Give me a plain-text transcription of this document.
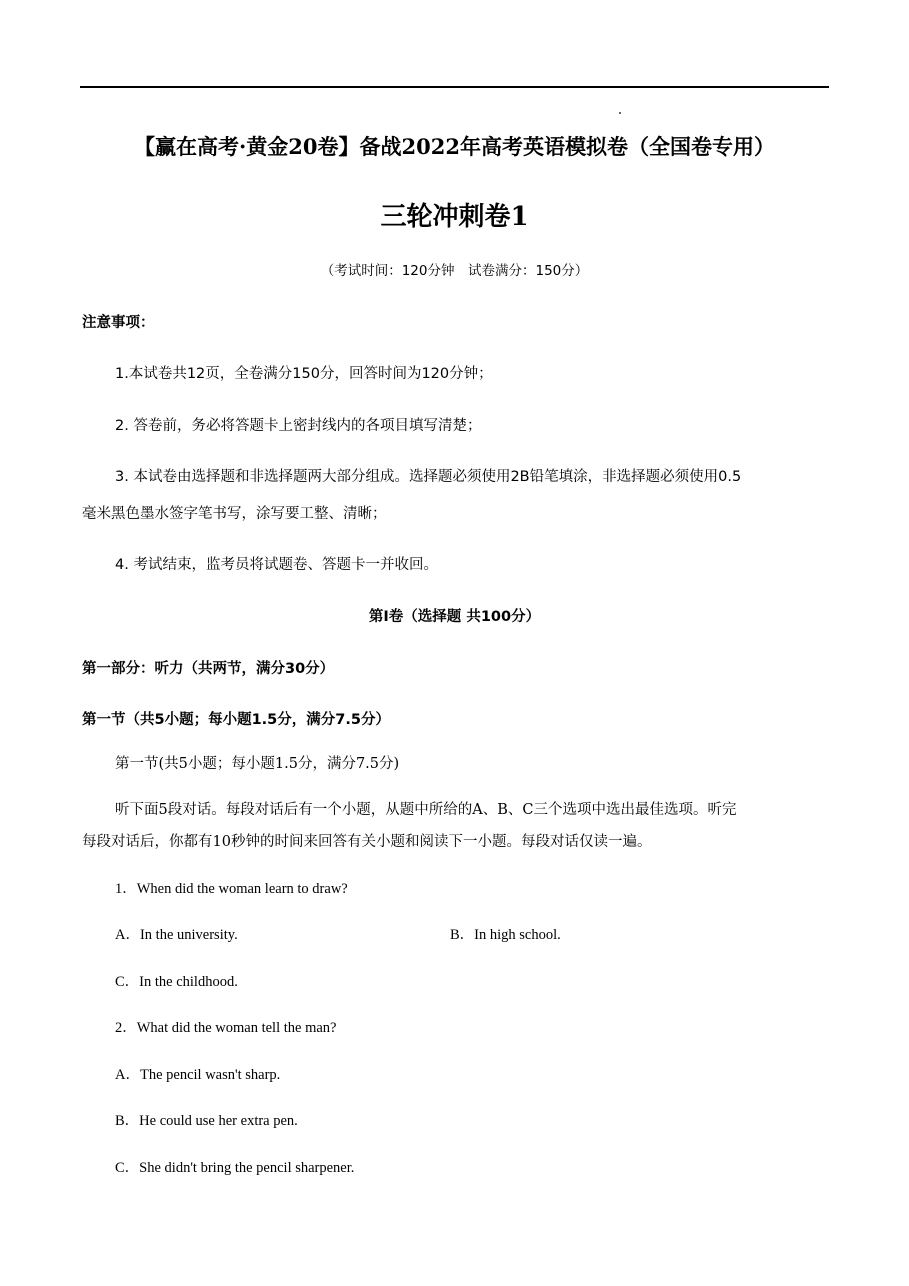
【赢在高考·黄金20卷】备战2022年高考英语模拟卷（全国卷专用）
三轮冲刺卷1
（考试时间：120分钟　试卷满分：150分）
注意事项：
1.本试卷共12页，全卷满分150分，回答时间为120分钟；
2. 答卷前，务必将答题卡上密封线内的各项目填写清楚；
3. 本试卷由选择题和非选择题两大部分组成。选择题必须使用2B铅笔填涂，非选择题必须使用0.5
毫米黑色墨水签字笔书写，涂写要工整、清晰；
4. 考试结束，监考员将试题卷、答题卡一并收回。
第I卷（选择题 共100分）
第一部分：听力（共两节，满分30分）
第一节（共5小题；每小题1.5分，满分7.5分）
第一节(共5小题；每小题1.5分，满分7.5分)
听下面5段对话。每段对话后有一个小题，从题中所给的A、B、C三个选项中选出最佳选项。听完
每段对话后，你都有10秒钟的时间来回答有关小题和阅读下一小题。每段对话仅读一遍。
1．When did the woman learn to draw?
A．In the university.	B．In high school.
C．In the childhood.
2．What did the woman tell the man?
A．The pencil wasn't sharp.
B．He could use her extra pen.
C．She didn't bring the pencil sharpener.
